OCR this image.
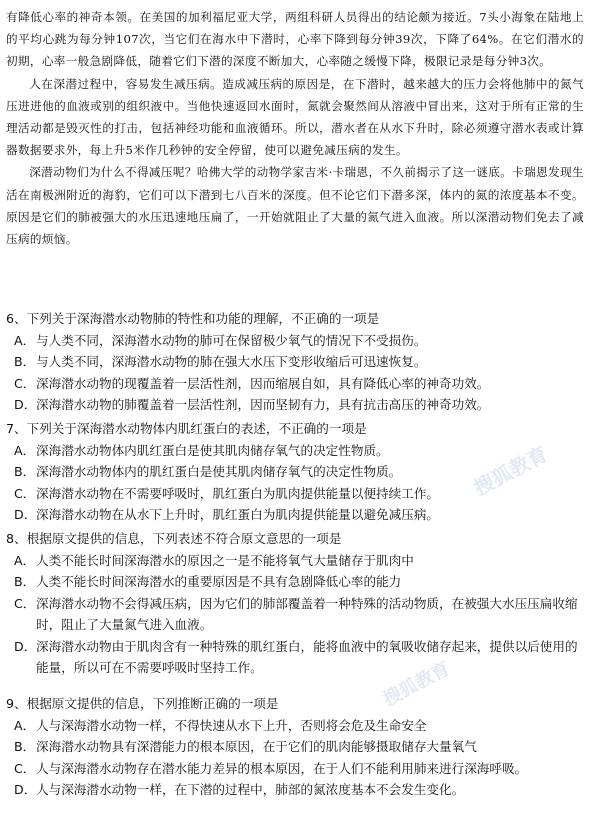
有降低心率的神奇本领。在美国的加利福尼亚大学，两组科研人员得出的结论颇为接近。7头小海象在陆地上的平均心跳为每分钟107次，当它们在海水中下潜时，心率下降到每分钟39次，下降了64%。在它们潜水的初期，心率一般急剧降低，随着它们下潜的深度不断加大，心率随之缓慢下降，极限记录是每分钟3次。

人在深潜过程中，容易发生减压病。造成减压病的原因是，在下潜时，越来越大的压力会将他肺中的氮气压进进他的血液或别的组织液中。当他快速返回水面时，氮就会聚然间从溶液中冒出来，这对于所有正常的生理活动都是毁灭性的打击，包括神经功能和血液循环。所以，潜水者在从水下升时，除必须遵守潜水表或计算器数据要求外，每上升5米作几秒钟的安全停留，使可以避免减压病的发生。

深潜动物们为什么不得减压呢？哈佛大学的动物学家吉米·卡瑞恩，不久前揭示了这一谜底。卡瑞恩发现生活在南极洲附近的海豹，它们可以下潜到七八百米的深度。但不论它们下潜多深，体内的氮的浓度基本不变。原因是它们的肺被强大的水压迅速地压扁了，一开始就阻止了大量的氮气进入血液。所以深潜动物们免去了减压病的烦恼。

6、下列关于深海潜水动物肺的特性和功能的理解，不正确的一项是

A．与人类不同，深海潜水动物的肺可在保留极少氧气的情况下不受损伤。

B．与人类不同，深海潜水动物的肺在强大水压下变形收缩后可迅速恢复。

C．深海潜水动物的现覆盖着一层活性剂，因而缩展自如，具有降低心率的神奇功效。

D．深海潜水动物的肺覆盖着一层活性剂，因而坚韧有力，具有抗击高压的神奇功效。

7、下列关于深海潜水动物体内肌红蛋白的表述，不正确的一项是

A．深海潜水动物体内肌红蛋白是使其肌肉储存氧气的决定性物质。

B．深海潜水动物体内的肌红蛋白是使其肌肉储存氧气的决定性物质。

C．深海潜水动物在不需要呼吸时，肌红蛋白为肌肉提供能量以便持续工作。

D．深海潜水动物在从水下上升时，肌红蛋白为肌肉提供能量以避免减压病。

8、根据原文提供的信息，下列表述不符合原文意思的一项是

A．人类不能长时间深海潜水的原因之一是不能将氧气大量储存于肌肉中

B．人类不能长时间深海潜水的重要原因是不具有急剧降低心率的能力

C．深海潜水动物不会得减压病，因为它们的肺部覆盖着一种特殊的活动物质，在被强大水压压扁收缩时，阻止了大量氮气进入血液。

D．深海潜水动物由于肌肉含有一种特殊的肌红蛋白，能将血液中的氧吸收储存起来，提供以后使用的能量，所以可在不需要呼吸时坚持工作。

9、根据原文提供的信息，下列推断正确的一项是

A．人与深海潜水动物一样，不得快速从水下上升，否则将会危及生命安全

B．深海潜水动物具有深潜能力的根本原因，在于它们的肌肉能够摄取储存大量氧气

C．人与深海潜水动物存在潜水能力差异的根本原因，在于人们不能利用肺来进行深海呼吸。

D．人与深海潜水动物一样，在下潜的过程中，肺部的氮浓度基本不会发生变化。

搜狐教育
搜狐教育
